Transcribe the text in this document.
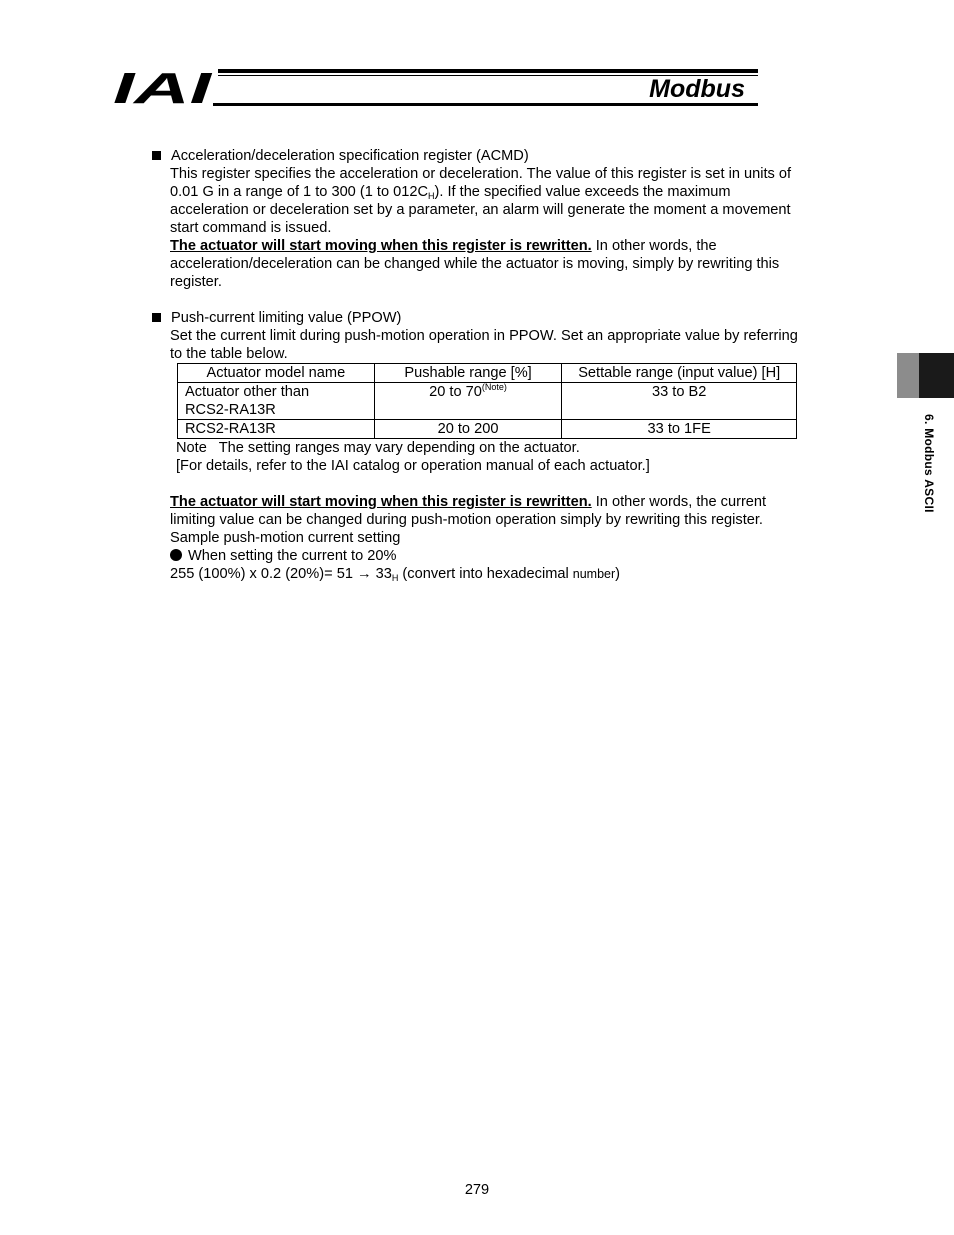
IAI	Modbus
6. Modbus ASCII
Acceleration/deceleration specification register (ACMD)
This register specifies the acceleration or deceleration. The value of this register is set in units of
0.01 G in a range of 1 to 300 (1 to $012C_H$). If the specified value exceeds the maximum
acceleration or deceleration set by a parameter, an alarm will generate the moment a movement
start command is issued.
The actuator will start moving when this register is rewritten. In other words, the
acceleration/deceleration can be changed while the actuator is moving, simply by rewriting this
register.
Push-current limiting value (PPOW)
Set the current limit during push-motion operation in PPOW. Set an appropriate value by referring
to the table below.
Actuator model name	Pushable range [%]	Settable range (input value) [H]

Actuator other than
RCS2-RA13R	20 to $70^{(Note)}$	33 to B2
RCS2-RA13R	20 to 200	33 to 1FE
Note   The setting ranges may vary depending on the actuator.
[For details, refer to the IAI catalog or operation manual of each actuator.]
The actuator will start moving when this register is rewritten. In other words, the current
limiting value can be changed during push-motion operation simply by rewriting this register.
Sample push-motion current setting
When setting the current to 20%
255 (100%) x 0.2 $(20\%)= 51 \to 33_H$ (convert into hexadecimal number)
279
